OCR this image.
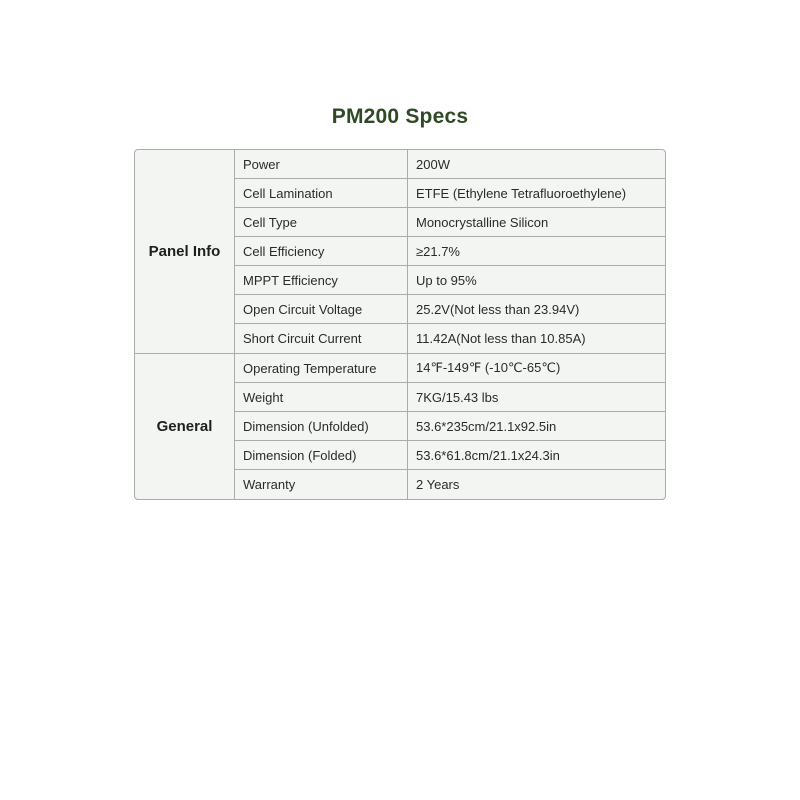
PM200 Specs
Panel Info
Power	200W
Cell Lamination	ETFE (Ethylene Tetrafluoroethylene)
Cell Type	Monocrystalline Silicon
Cell Efficiency	≥21.7%
MPPT Efficiency	Up to 95%
Open Circuit Voltage	25.2V(Not less than 23.94V)
Short Circuit Current	11.42A(Not less than 10.85A)
General
Operating Temperature	14℉-149℉ (-10℃-65℃)
Weight	7KG/15.43 lbs
Dimension (Unfolded)	53.6*235cm/21.1x92.5in
Dimension (Folded)	53.6*61.8cm/21.1x24.3in
Warranty	2 Years
